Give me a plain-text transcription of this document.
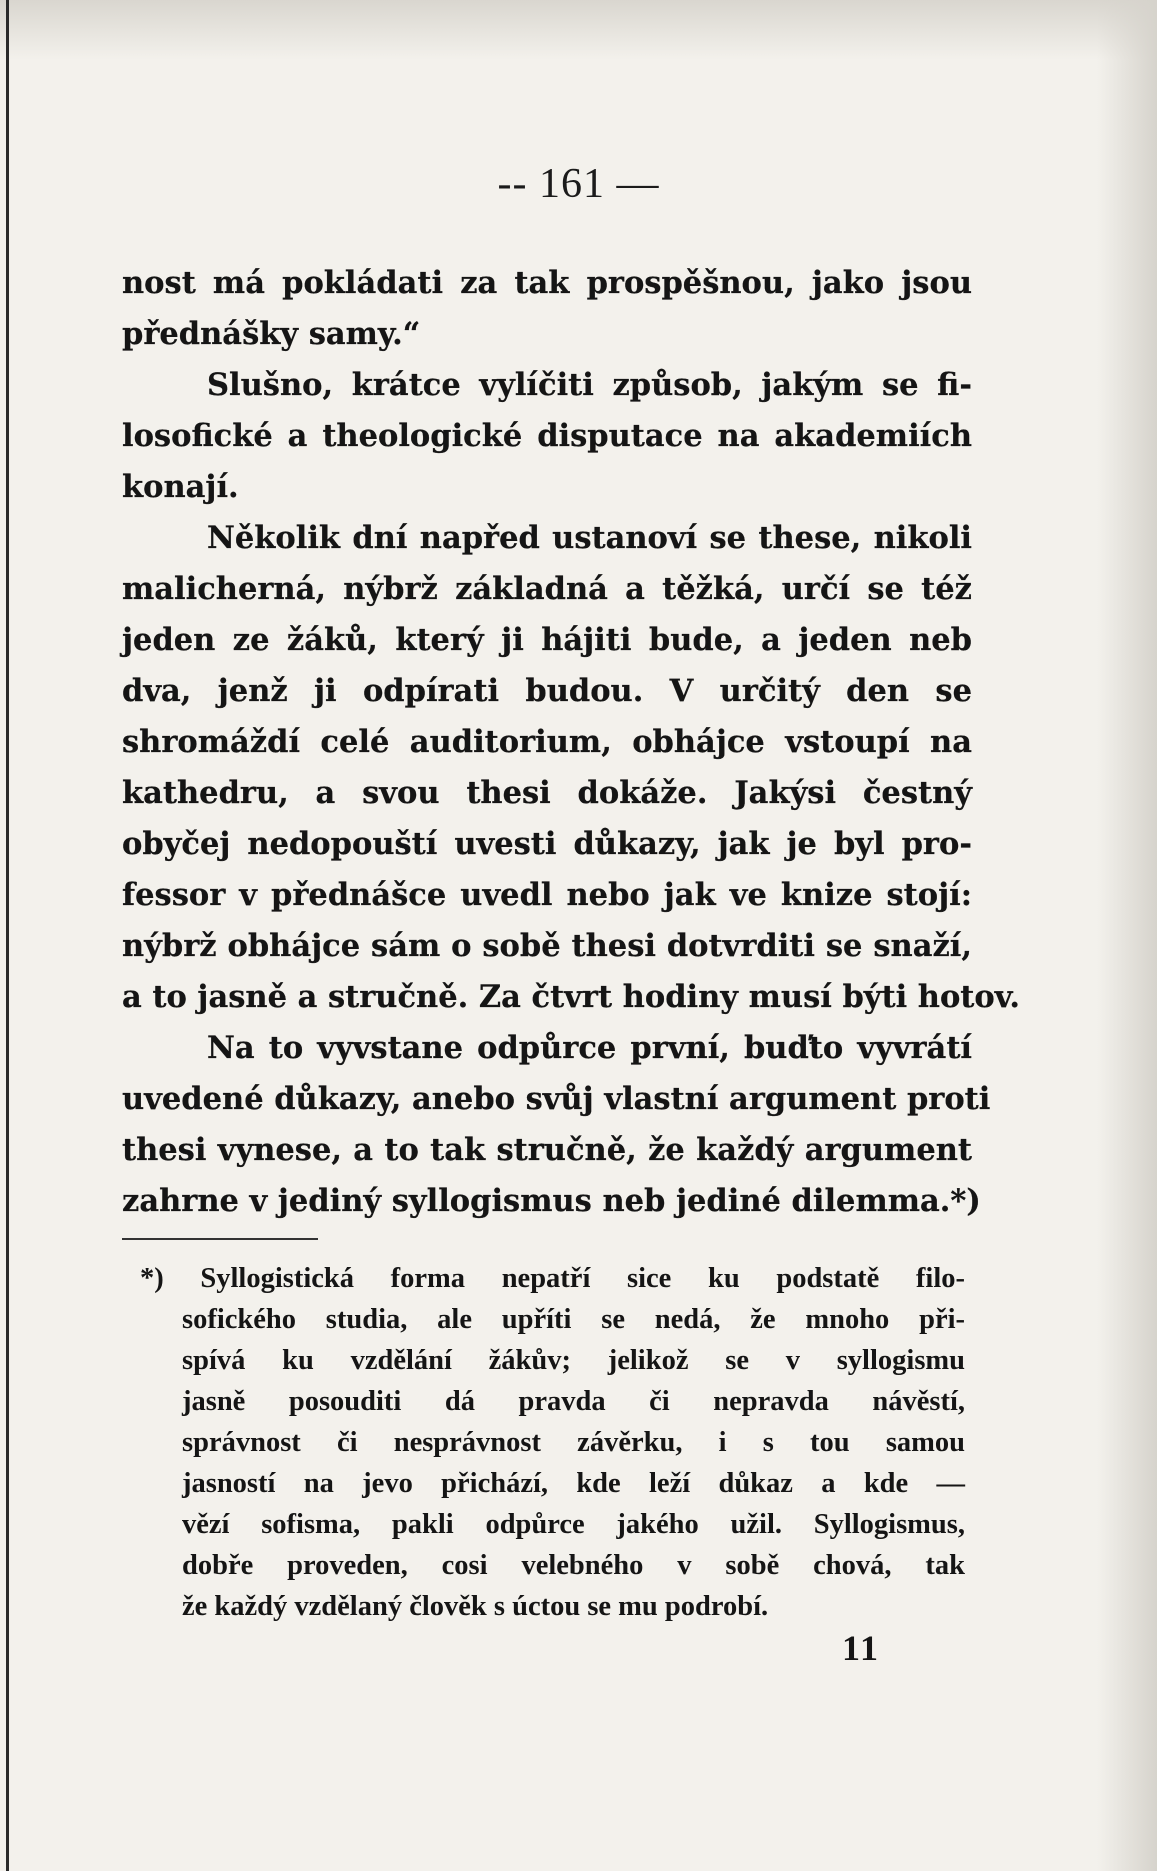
-- 161 —
nost má pokládati za tak prospěšnou, jako jsou
přednášky samy.“
Slušno, krátce vylíčiti způsob, jakým se fi-
losofické a theologické disputace na akademiích
konají.
Několik dní napřed ustanoví se these, nikoli
malicherná, nýbrž základná a těžká, určí se též
jeden ze žáků, který ji hájiti bude, a jeden neb
dva, jenž ji odpírati budou. V určitý den se
shromáždí celé auditorium, obhájce vstoupí na
kathedru, a svou thesi dokáže. Jakýsi čestný
obyčej nedopouští uvesti důkazy, jak je byl pro-
fessor v přednášce uvedl nebo jak ve knize stojí:
nýbrž obhájce sám o sobě thesi dotvrditi se snaží,
a to jasně a stručně. Za čtvrt hodiny musí býti hotov.
Na to vyvstane odpůrce první, buďto vyvrátí
uvedené důkazy, anebo svůj vlastní argument proti
thesi vynese, a to tak stručně, že každý argument
zahrne v jediný syllogismus neb jediné dilemma.*)
*) Syllogistická forma nepatří sice ku podstatě filo-
sofického studia, ale upříti se nedá, že mnoho při-
spívá ku vzdělání žákův; jelikož se v syllogismu
jasně posouditi dá pravda či nepravda návěstí,
správnost či nesprávnost závěrku, i s tou samou
jasností na jevo přichází, kde leží důkaz a kde —
vězí sofisma, pakli odpůrce jakého užil. Syllogismus,
dobře proveden, cosi velebného v sobě chová, tak
že každý vzdělaný člověk s úctou se mu podrobí.
11
